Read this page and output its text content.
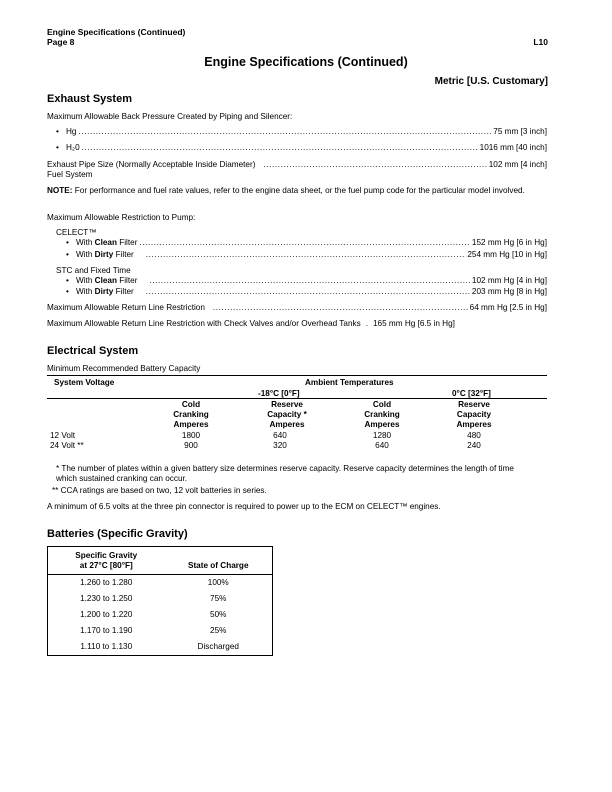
Engine Specifications (Continued)
Page 8	L10
Engine Specifications (Continued)
Metric [U.S. Customary]
Exhaust System
Maximum Allowable Back Pressure Created by Piping and Silencer:
• Hg .....	75 mm [3 inch]
• H₂0 .....	1016 mm [40 inch]
Exhaust Pipe Size (Normally Acceptable Inside Diameter) .....	102 mm [4 inch]
Fuel System
NOTE: For performance and fuel rate values, refer to the engine data sheet, or the fuel pump code for the particular model involved.
Maximum Allowable Restriction to Pump:
CELECT™
• With Clean Filter .....	152 mm Hg [6 in Hg]
• With Dirty Filter .....	254 mm Hg [10 in Hg]
STC and Fixed Time
• With Clean Filter .....	102 mm Hg [4 in Hg]
• With Dirty Filter .....	203 mm Hg [8 in Hg]
Maximum Allowable Return Line Restriction .....	64 mm Hg [2.5 in Hg]
Maximum Allowable Return Line Restriction with Check Valves and/or Overhead Tanks . 165 mm Hg [6.5 in Hg]
Electrical System
Minimum Recommended Battery Capacity
System Voltage	Ambient Temperatures
-18°C [0°F]	0°C [32°F]
Cold
Cranking
Amperes
Reserve
Capacity *
Amperes
Cold
Cranking
Amperes
Reserve
Capacity
Amperes
12 Volt	1800	640	1280	480
24 Volt **	900	320	640	240
* The number of plates within a given battery size determines reserve capacity. Reserve capacity determines the length of time which sustained cranking can occur.
** CCA ratings are based on two, 12 volt batteries in series.
A minimum of 6.5 volts at the three pin connector is required to power up to the ECM on CELECT™ engines.
Batteries (Specific Gravity)
Specific Gravity
at 27°C [80°F]	State of Charge
1.260 to 1.280	100%
1.230 to 1.250	75%
1.200 to 1.220	50%
1.170 to 1.190	25%
1.110 to 1.130	Discharged
